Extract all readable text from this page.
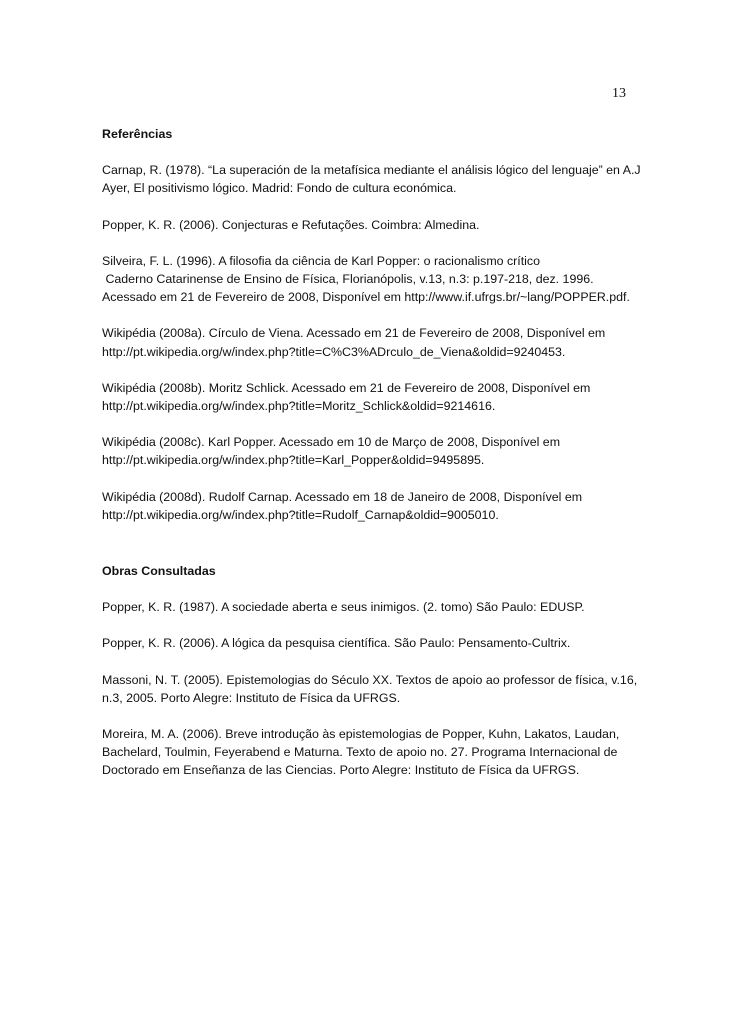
13

Referências

Carnap, R. (1978). “La superación de la metafísica mediante el análisis lógico del lenguaje” en A.J
Ayer, El positivismo lógico. Madrid: Fondo de cultura económica.
Popper, K. R. (2006). Conjecturas e Refutações. Coimbra: Almedina.
Silveira, F. L. (1996). A filosofia da ciência de Karl Popper: o racionalismo crítico
Caderno Catarinense de Ensino de Física, Florianópolis, v.13, n.3: p.197-218, dez. 1996.
Acessado em 21 de Fevereiro de 2008, Disponível em http://www.if.ufrgs.br/~lang/POPPER.pdf.
Wikipédia (2008a). Círculo de Viena. Acessado em 21 de Fevereiro de 2008, Disponível em
http://pt.wikipedia.org/w/index.php?title=C%C3%ADrculo_de_Viena&oldid=9240453.
Wikipédia (2008b). Moritz Schlick. Acessado em 21 de Fevereiro de 2008, Disponível em
http://pt.wikipedia.org/w/index.php?title=Moritz_Schlick&oldid=9214616.
Wikipédia (2008c). Karl Popper. Acessado em 10 de Março de 2008, Disponível em
http://pt.wikipedia.org/w/index.php?title=Karl_Popper&oldid=9495895.
Wikipédia (2008d). Rudolf Carnap. Acessado em 18 de Janeiro de 2008, Disponível em
http://pt.wikipedia.org/w/index.php?title=Rudolf_Carnap&oldid=9005010.

Obras Consultadas

Popper, K. R. (1987). A sociedade aberta e seus inimigos. (2. tomo) São Paulo: EDUSP.
Popper, K. R. (2006). A lógica da pesquisa científica. São Paulo: Pensamento-Cultrix.
Massoni, N. T. (2005). Epistemologias do Século XX. Textos de apoio ao professor de física, v.16,
n.3, 2005. Porto Alegre: Instituto de Física da UFRGS.
Moreira, M. A. (2006). Breve introdução às epistemologias de Popper, Kuhn, Lakatos, Laudan,
Bachelard, Toulmin, Feyerabend e Maturna. Texto de apoio no. 27. Programa Internacional de
Doctorado em Enseñanza de las Ciencias. Porto Alegre: Instituto de Física da UFRGS.
